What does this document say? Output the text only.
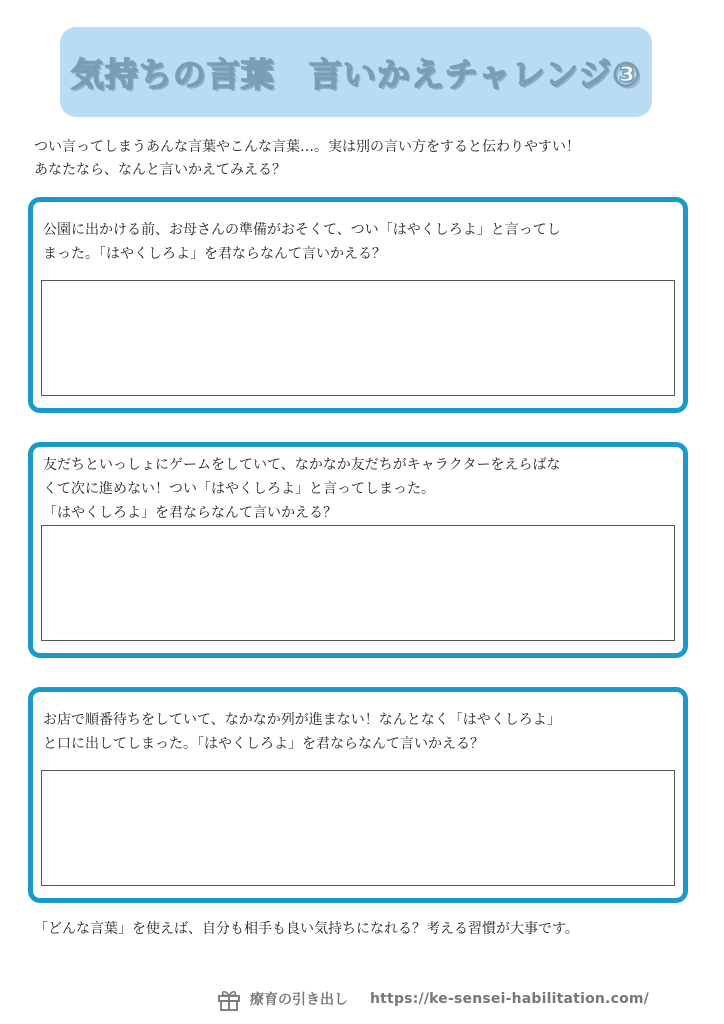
気持ちの言葉　言いかえチャレンジ③
つい言ってしまうあんな言葉やこんな言葉…。実は別の言い方をすると伝わりやすい！
あなたなら、なんと言いかえてみえる？
公園に出かける前、お母さんの準備がおそくて、つい「はやくしろよ」と言ってし
まった。「はやくしろよ」を君ならなんて言いかえる？
友だちといっしょにゲームをしていて、なかなか友だちがキャラクターをえらばな
くて次に進めない！つい「はやくしろよ」と言ってしまった。
「はやくしろよ」を君ならなんて言いかえる？
お店で順番待ちをしていて、なかなか列が進まない！なんとなく「はやくしろよ」
と口に出してしまった。「はやくしろよ」を君ならなんて言いかえる？
「どんな言葉」を使えば、自分も相手も良い気持ちになれる？考える習慣が大事です。
療育の引き出し https://ke-sensei-habilitation.com/
